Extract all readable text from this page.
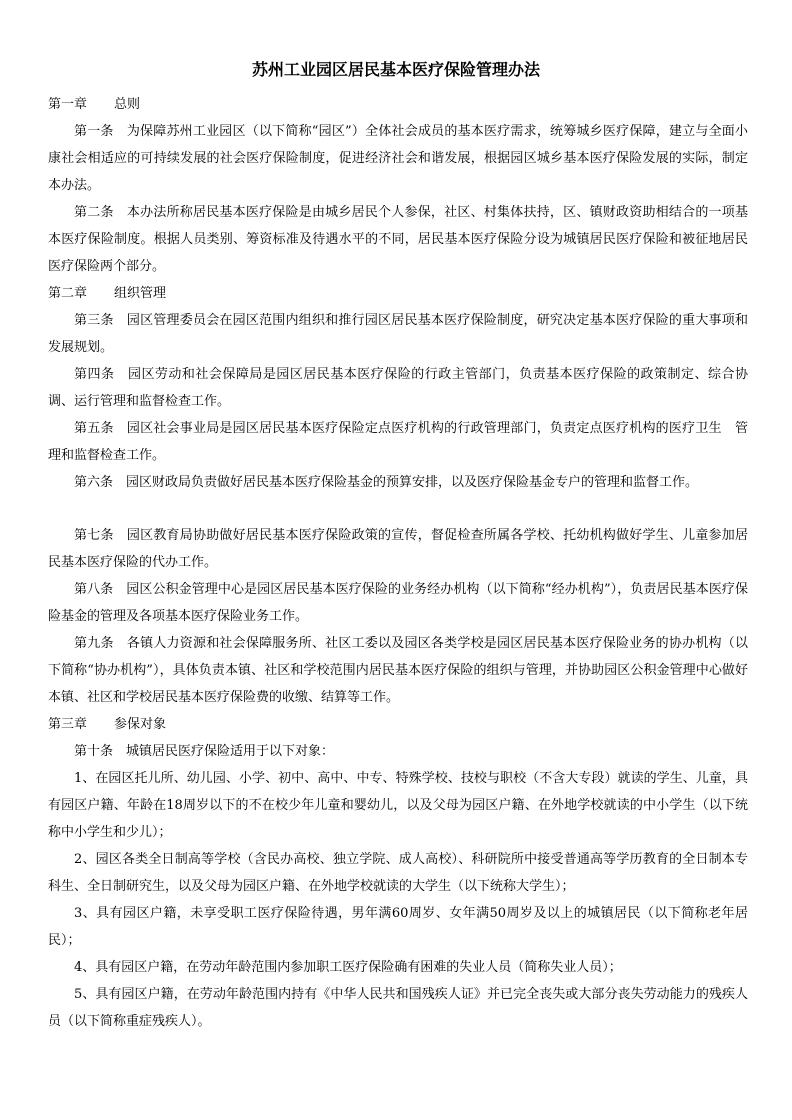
苏州工业园区居民基本医疗保险管理办法

第一章 总则

第一条　为保障苏州工业园区（以下简称“园区”）全体社会成员的基本医疗需求，统筹城乡医疗保障，建立与全面小康社会相适应的可持续发展的社会医疗保险制度，促进经济社会和谐发展，根据园区城乡基本医疗保险发展的实际，制定本办法。

第二条　本办法所称居民基本医疗保险是由城乡居民个人参保，社区、村集体扶持，区、镇财政资助相结合的一项基本医疗保险制度。根据人员类别、筹资标准及待遇水平的不同，居民基本医疗保险分设为城镇居民医疗保险和被征地居民医疗保险两个部分。

第二章 组织管理

第三条　园区管理委员会在园区范围内组织和推行园区居民基本医疗保险制度，研究决定基本医疗保险的重大事项和发展规划。

第四条　园区劳动和社会保障局是园区居民基本医疗保险的行政主管部门，负责基本医疗保险的政策制定、综合协调、运行管理和监督检查工作。

第五条　园区社会事业局是园区居民基本医疗保险定点医疗机构的行政管理部门，负责定点医疗机构的医疗卫生　管理和监督检查工作。

第六条　园区财政局负责做好居民基本医疗保险基金的预算安排，以及医疗保险基金专户的管理和监督工作。

第七条　园区教育局协助做好居民基本医疗保险政策的宣传，督促检查所属各学校、托幼机构做好学生、儿童参加居民基本医疗保险的代办工作。

第八条　园区公积金管理中心是园区居民基本医疗保险的业务经办机构（以下简称“经办机构”），负责居民基本医疗保险基金的管理及各项基本医疗保险业务工作。

第九条　各镇人力资源和社会保障服务所、社区工委以及园区各类学校是园区居民基本医疗保险业务的协办机构（以下简称“协办机构”），具体负责本镇、社区和学校范围内居民基本医疗保险的组织与管理，并协助园区公积金管理中心做好本镇、社区和学校居民基本医疗保险费的收缴、结算等工作。

第三章 参保对象

第十条　城镇居民医疗保险适用于以下对象：

1、在园区托儿所、幼儿园、小学、初中、高中、中专、特殊学校、技校与职校（不含大专段）就读的学生、儿童，具有园区户籍、年龄在18周岁以下的不在校少年儿童和婴幼儿，以及父母为园区户籍、在外地学校就读的中小学生（以下统称中小学生和少儿）；

2、园区各类全日制高等学校（含民办高校、独立学院、成人高校）、科研院所中接受普通高等学历教育的全日制本专科生、全日制研究生，以及父母为园区户籍、在外地学校就读的大学生（以下统称大学生）；

3、具有园区户籍，未享受职工医疗保险待遇，男年满60周岁、女年满50周岁及以上的城镇居民（以下简称老年居民）；

4、具有园区户籍，在劳动年龄范围内参加职工医疗保险确有困难的失业人员（简称失业人员）；

5、具有园区户籍，在劳动年龄范围内持有《中华人民共和国残疾人证》并已完全丧失或大部分丧失劳动能力的残疾人员（以下简称重症残疾人）。
